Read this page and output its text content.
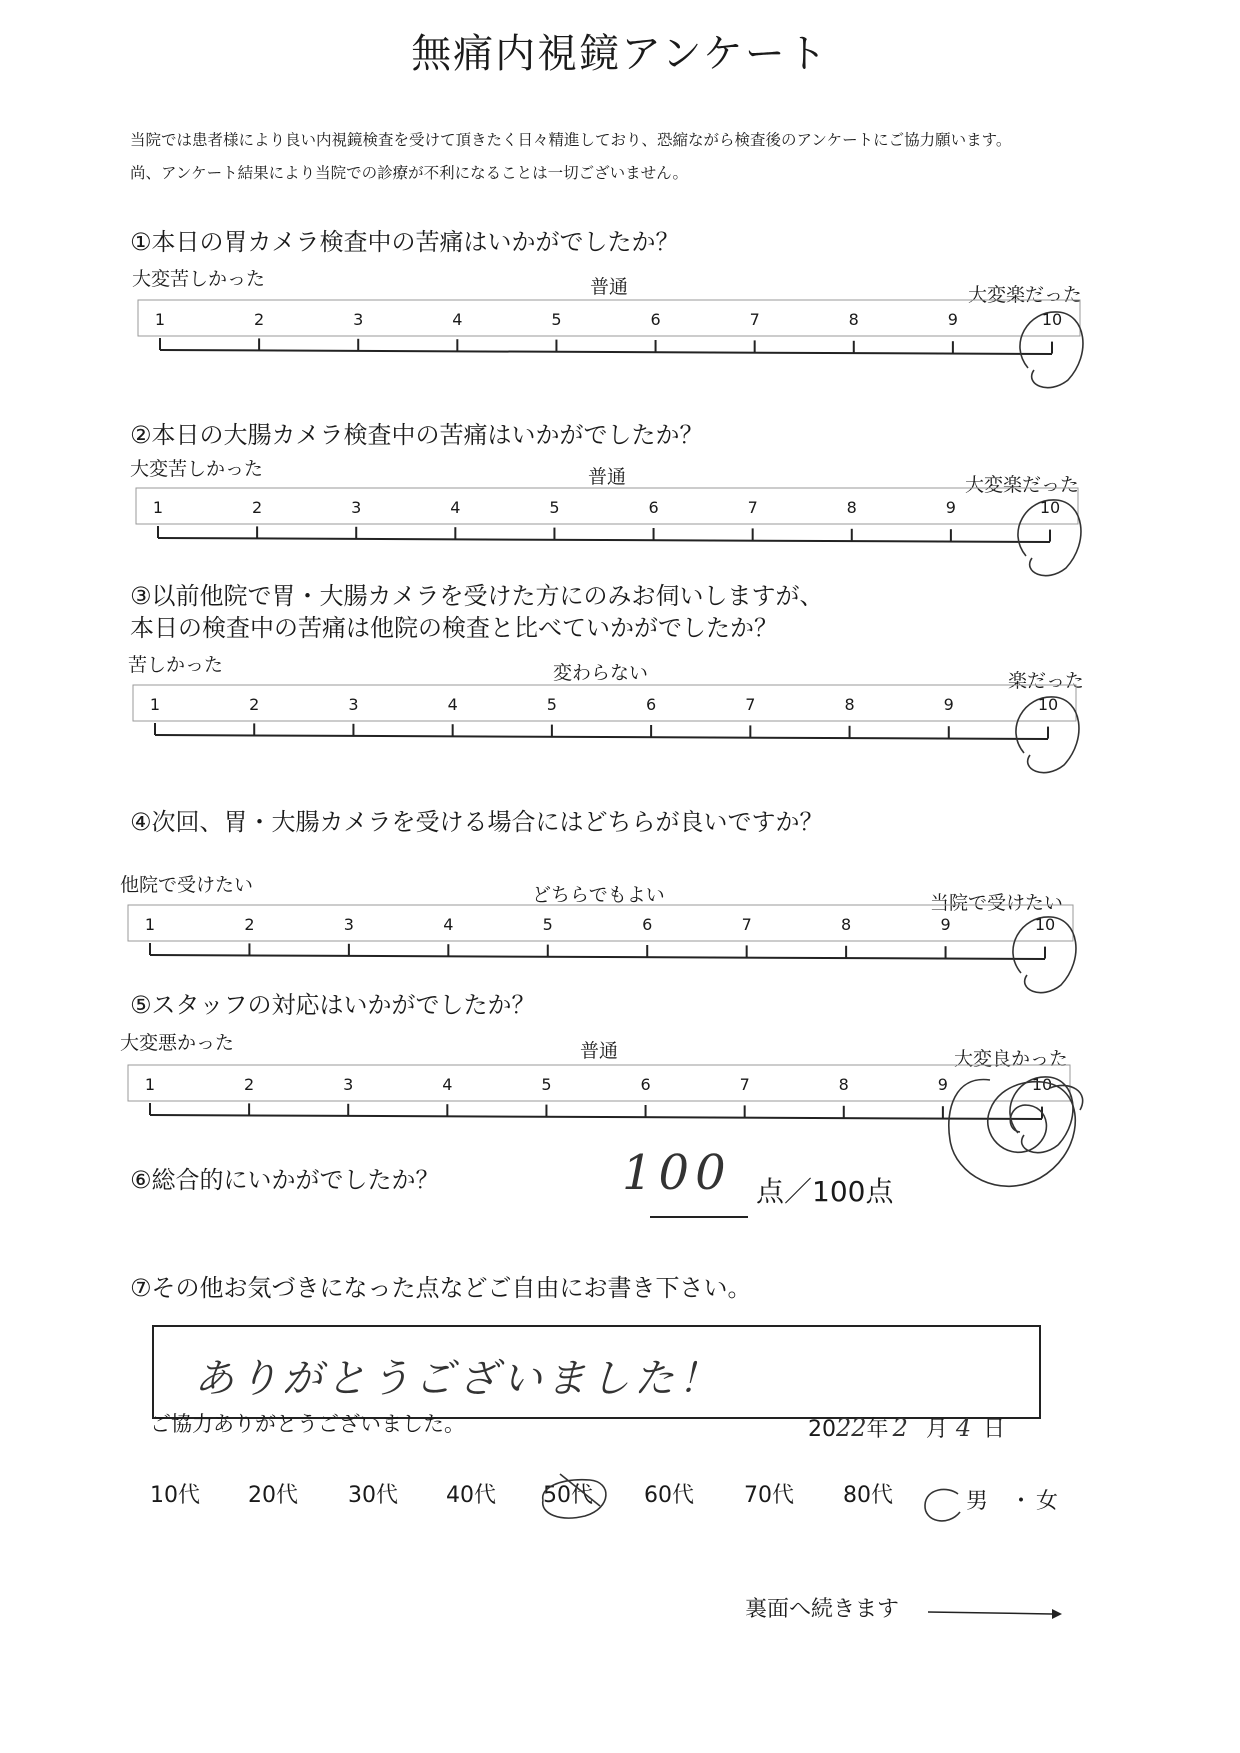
無痛内視鏡アンケート
当院では患者様により良い内視鏡検査を受けて頂きたく日々精進しており、恐縮ながら検査後のアンケートにご協力願います。
尚、アンケート結果により当院での診療が不利になることは一切ございません。
①本日の胃カメラ検査中の苦痛はいかがでしたか？
大変苦しかった	普通	大変楽だった
1	2	3	4	5	6	7	8	9	10
②本日の大腸カメラ検査中の苦痛はいかがでしたか？
大変苦しかった	普通	大変楽だった
1	2	3	4	5	6	7	8	9	10
③以前他院で胃・大腸カメラを受けた方にのみお伺いしますが、
本日の検査中の苦痛は他院の検査と比べていかがでしたか？
苦しかった	変わらない	楽だった
1	2	3	4	5	6	7	8	9	10
④次回、胃・大腸カメラを受ける場合にはどちらが良いですか？
他院で受けたい	どちらでもよい	当院で受けたい
1	2	3	4	5	6	7	8	9	10
⑤スタッフの対応はいかがでしたか？
大変悪かった	普通	大変良かった
1	2	3	4	5	6	7	8	9	10
⑥総合的にいかがでしたか？	100 点／100点
⑦その他お気づきになった点などご自由にお書き下さい。
ありがとうございました！
ご協力ありがとうございました。	2022年 2 月 4 日
10代 20代 30代 40代 50代 60代 70代 80代	男 ・ 女
裏面へ続きます
